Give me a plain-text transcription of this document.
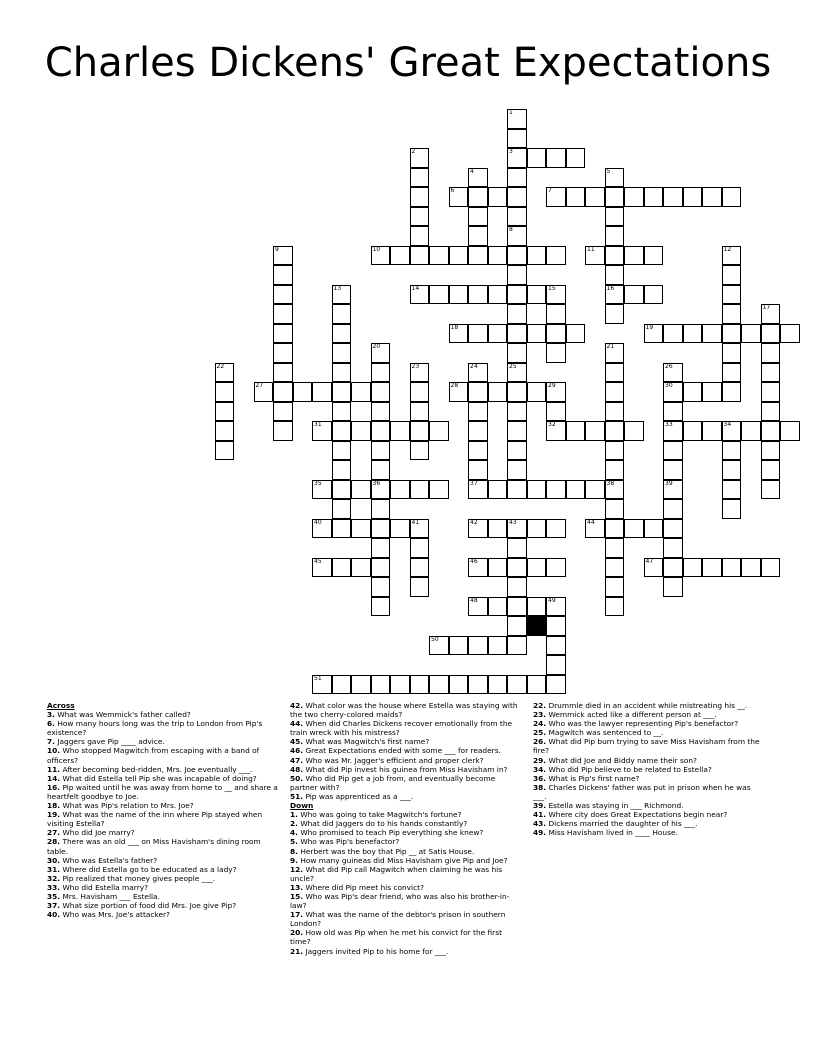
Charles Dickens' Great Expectations
1
3
8
2
4	5
16
6	7
25
9	10	11	12
13	14	15
17
18	19
20
36
21
38
22	23	24
37
26
30
33
39
27	28	29
32
31	34
35
40	41	42	43	44
45	46	47
48	49
50
51
Across
3. What was Wemmick's father called?
6. How many hours long was the trip to London from Pip's existence?
7. Jaggers gave Pip ____ advice.
10. Who stopped Magwitch from escaping with a band of officers?
11. After becoming bed-ridden, Mrs. Joe eventually ___.
14. What did Estella tell Pip she was incapable of doing?
16. Pip waited until he was away from home to __ and share a heartfelt goodbye to Joe.
18. What was Pip's relation to Mrs. Joe?
19. What was the name of the inn where Pip stayed when visiting Estella?
27. Who did Joe marry?
28. There was an old ___ on Miss Havisham's dining room table.
30. Who was Estella's father?
31. Where did Estella go to be educated as a lady?
32. Pip realized that money gives people ___.
33. Who did Estella marry?
35. Mrs. Havisham ___ Estella.
37. What size portion of food did Mrs. Joe give Pip?
40. Who was Mrs. Joe's attacker?
42. What color was the house where Estella was staying with the two cherry-colored maids?
44. When did Charles Dickens recover emotionally from the train wreck with his mistress?
45. What was Magwitch's first name?
46. Great Expectations ended with some ___ for readers.
47. Who was Mr. Jagger's efficient and proper clerk?
48. What did Pip invest his guinea from Miss Havisham in?
50. Who did Pip get a job from, and eventually become partner with?
51. Pip was apprenticed as a ___.
Down
1. Who was going to take Magwitch's fortune?
2. What did Jaggers do to his hands constantly?
4. Who promised to teach Pip everything she knew?
5. Who was Pip's benefactor?
8. Herbert was the boy that Pip __ at Satis House.
9. How many guineas did Miss Havisham give Pip and Joe?
12. What did Pip call Magwitch when claiming he was his uncle?
13. Where did Pip meet his convict?
15. Who was Pip's dear friend, who was also his brother-in-law?
17. What was the name of the debtor's prison in southern London?
20. How old was Pip when he met his convict for the first time?
21. Jaggers invited Pip to his home for ___.
22. Drummle died in an accident while mistreating his __.
23. Wemmick acted like a different person at ___.
24. Who was the lawyer representing Pip's benefactor?
25. Magwitch was sentenced to __.
26. What did Pip burn trying to save Miss Havisham from the fire?
29. What did Joe and Biddy name their son?
34. Who did Pip believe to be related to Estella?
36. What is Pip's first name?
38. Charles Dickens' father was put in prison when he was ___.
39. Estella was staying in ___ Richmond.
41. Where city does Great Expectations begin near?
43. Dickens married the daughter of his ___.
49. Miss Havisham lived in ____ House.
